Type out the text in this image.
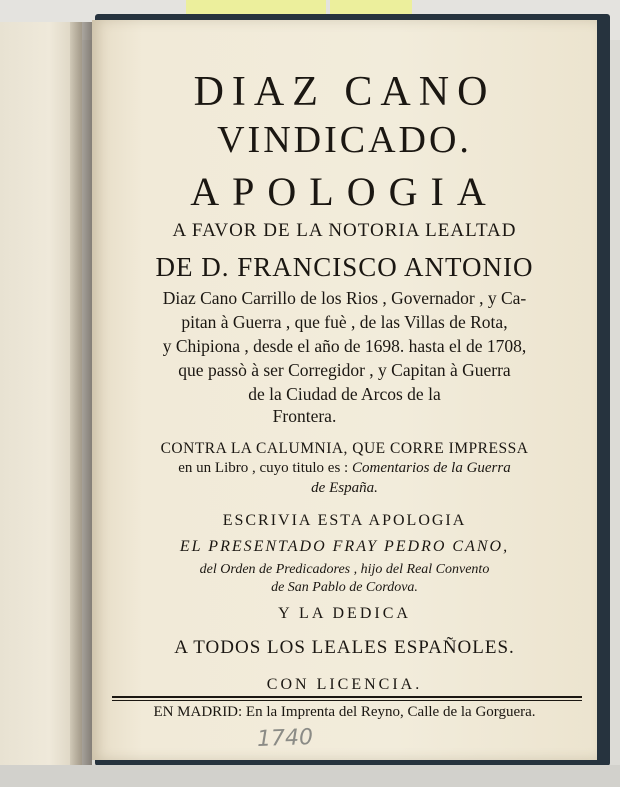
DIAZ CANO
VINDICADO.
APOLOGIA
A FAVOR DE LA NOTORIA LEALTAD
DE D. FRANCISCO ANTONIO
Diaz Cano Carrillo de los Rios , Governador , y Ca-
pitan à Guerra , que fuè , de las Villas de Rota,
y Chipiona , desde el año de 1698. hasta el de 1708,
que passò à ser Corregidor , y Capitan à Guerra
de la Ciudad de Arcos de la
Frontera.
CONTRA LA CALUMNIA, QUE CORRE IMPRESSA
en un Libro , cuyo titulo es : Comentarios de la Guerra
de España.
ESCRIVIA ESTA APOLOGIA
EL PRESENTADO FRAY PEDRO CANO,
del Orden de Predicadores , hijo del Real Convento
de San Pablo de Cordova.
Y LA DEDICA
A TODOS LOS LEALES ESPAÑOLES.
CON LICENCIA.
EN MADRID: En la Imprenta del Reyno, Calle de la Gorguera.
1740
